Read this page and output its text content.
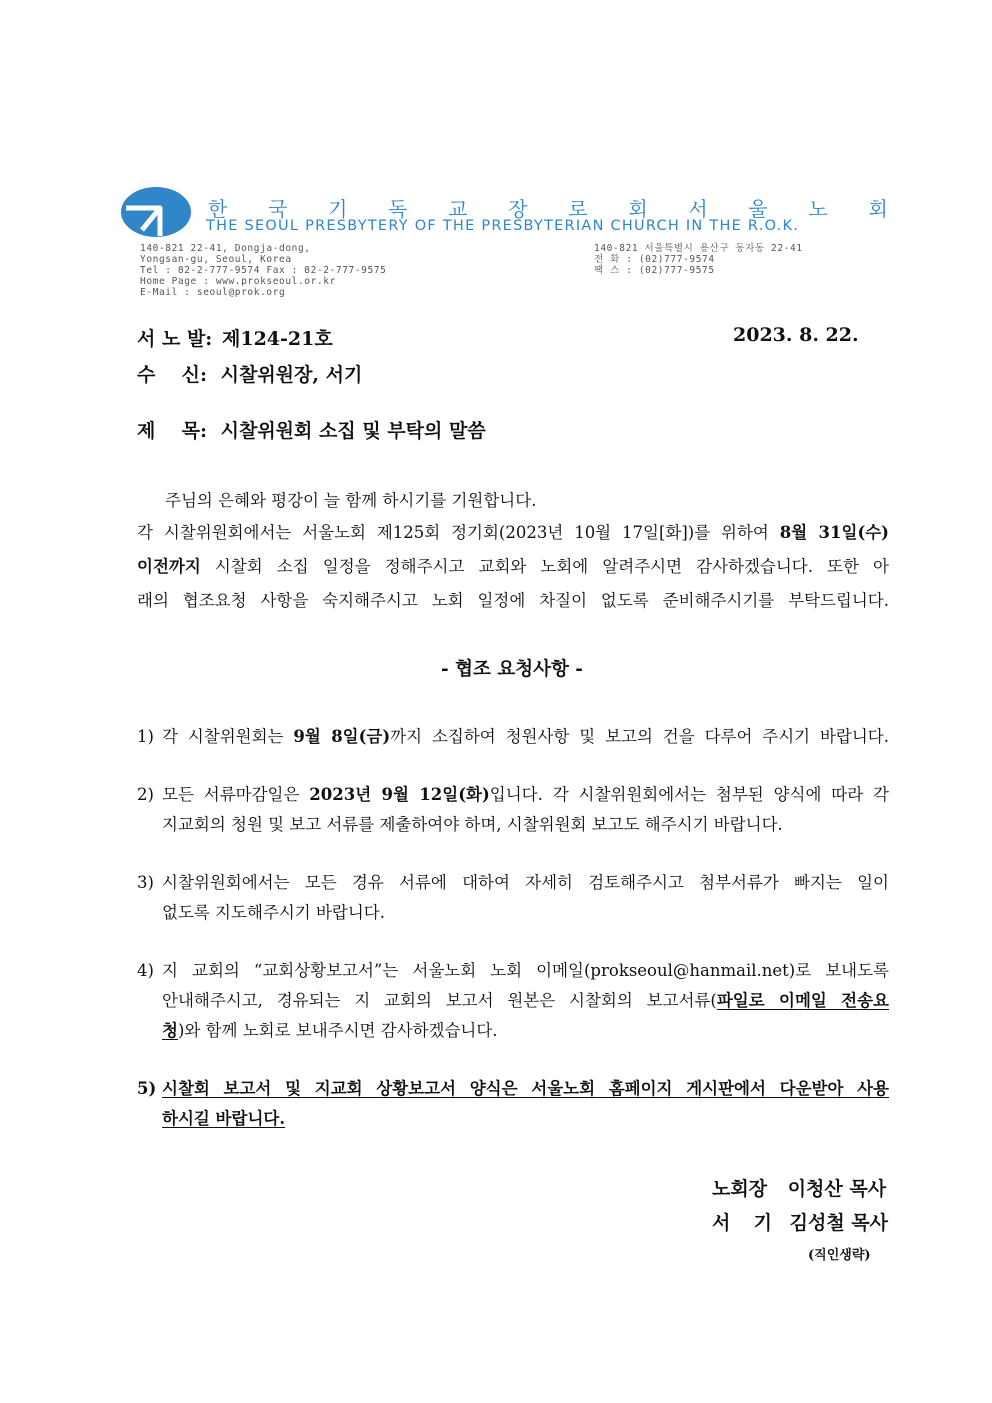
한 국 기 독 교 장 로 회 서 울 노 회
THE SEOUL PRESBYTERY OF THE PRESBYTERIAN CHURCH IN THE R.O.K.
140-821 22-41, Dongja-dong,
Yongsan-gu, Seoul, Korea
Tel : 82-2-777-9574 Fax : 82-2-777-9575
Home Page : www.prokseoul.or.kr
E-Mail : seoul@prok.org
140-821 서울특별시 용산구 동자동 22-41
전 화 : (02)777-9574
팩 스 : (02)777-9575
서 노 발: 제124-21호	2023. 8. 22.
수 신: 시찰위원장, 서기
제 목: 시찰위원회 소집 및 부탁의 말씀
주님의 은혜와 평강이 늘 함께 하시기를 기원합니다.
각 시찰위원회에서는 서울노회 제125회 정기회(2023년 10월 17일[화])를 위하여 8월 31일(수)
이전까지 시찰회 소집 일정을 정해주시고 교회와 노회에 알려주시면 감사하겠습니다. 또한 아
래의 협조요청 사항을 숙지해주시고 노회 일정에 차질이 없도록 준비해주시기를 부탁드립니다.
- 협조 요청사항 -
1) 각 시찰위원회는 9월 8일(금)까지 소집하여 청원사항 및 보고의 건을 다루어 주시기 바랍니다.
2) 모든 서류마감일은 2023년 9월 12일(화)입니다. 각 시찰위원회에서는 첨부된 양식에 따라 각
지교회의 청원 및 보고 서류를 제출하여야 하며, 시찰위원회 보고도 해주시기 바랍니다.
3) 시찰위원회에서는 모든 경유 서류에 대하여 자세히 검토해주시고 첨부서류가 빠지는 일이
없도록 지도해주시기 바랍니다.
4) 지 교회의 “교회상황보고서”는 서울노회 노회 이메일(prokseoul@hanmail.net)로 보내도록
안내해주시고, 경유되는 지 교회의 보고서 원본은 시찰회의 보고서류(파일로 이메일 전송요
청)와 함께 노회로 보내주시면 감사하겠습니다.
5) 시찰회 보고서 및 지교회 상황보고서 양식은 서울노회 홈페이지 게시판에서 다운받아 사용
하시길 바랍니다.
노회장 이청산 목사
서 기 김성철 목사
(직인생략)
